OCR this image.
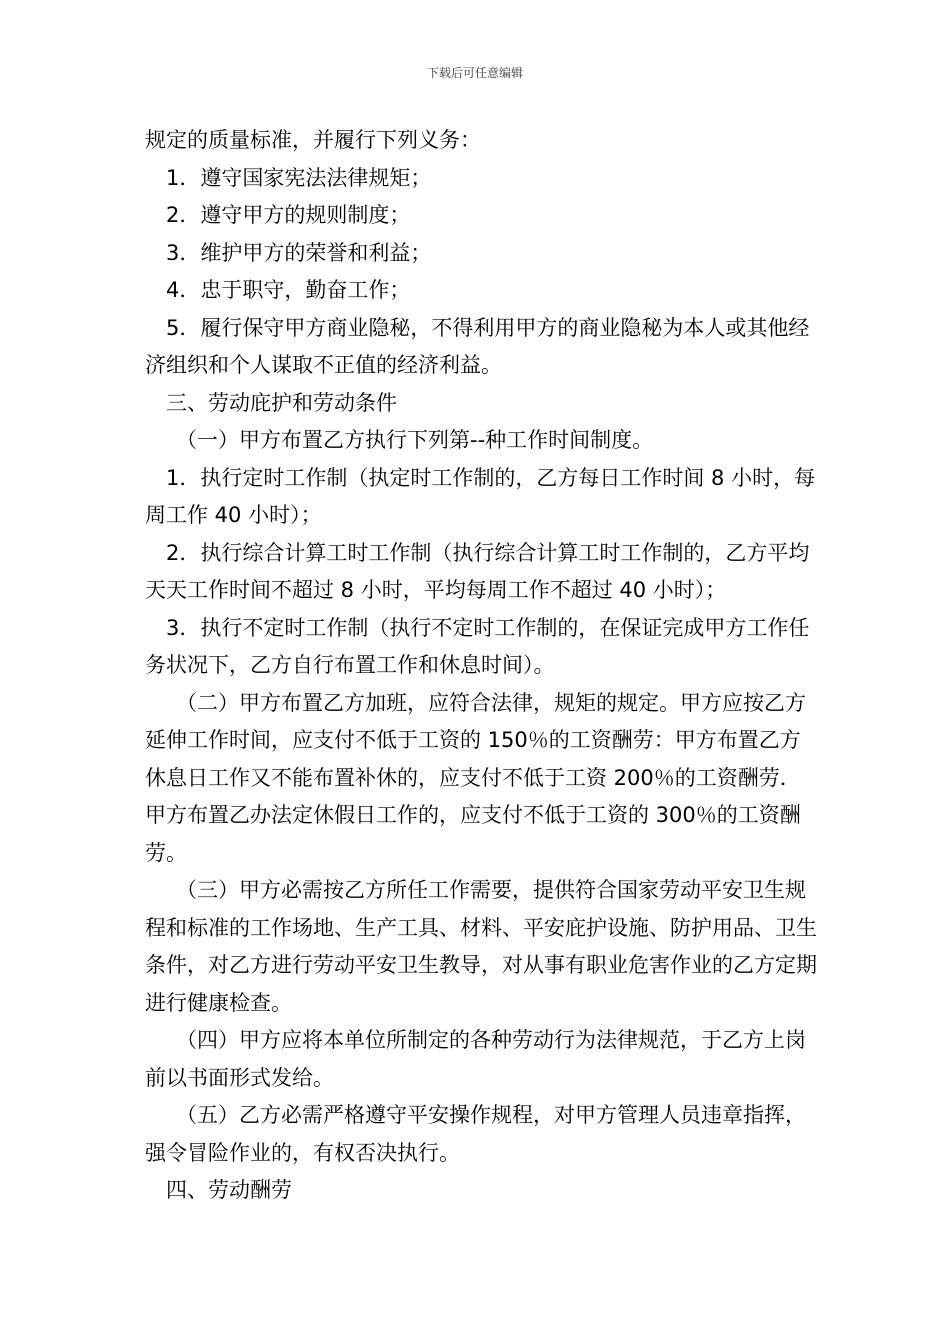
下载后可任意编辑

规定的质量标准，并履行下列义务：

1．遵守国家宪法法律规矩；

2．遵守甲方的规则制度；

3．维护甲方的荣誉和利益；

4．忠于职守，勤奋工作；

5．履行保守甲方商业隐秘，不得利用甲方的商业隐秘为本人或其他经济组织和个人谋取不正值的经济利益。

三、劳动庇护和劳动条件

（一）甲方布置乙方执行下列第--种工作时间制度。

1．执行定时工作制（执定时工作制的，乙方每日工作时间 8 小时，每周工作 40 小时）；

2．执行综合计算工时工作制（执行综合计算工时工作制的，乙方平均天天工作时间不超过 8 小时，平均每周工作不超过 40 小时）；

3．执行不定时工作制（执行不定时工作制的，在保证完成甲方工作任务状况下，乙方自行布置工作和休息时间）。

（二）甲方布置乙方加班，应符合法律，规矩的规定。甲方应按乙方延伸工作时间，应支付不低于工资的 150％的工资酬劳：甲方布置乙方休息日工作又不能布置补休的，应支付不低于工资 200％的工资酬劳．甲方布置乙办法定休假日工作的，应支付不低于工资的 300％的工资酬劳。

（三）甲方必需按乙方所任工作需要，提供符合国家劳动平安卫生规程和标准的工作场地、生产工具、材料、平安庇护设施、防护用品、卫生条件，对乙方进行劳动平安卫生教导，对从事有职业危害作业的乙方定期进行健康检查。

（四）甲方应将本单位所制定的各种劳动行为法律规范，于乙方上岗前以书面形式发给。

（五）乙方必需严格遵守平安操作规程，对甲方管理人员违章指挥，强令冒险作业的，有权否决执行。

四、劳动酬劳
